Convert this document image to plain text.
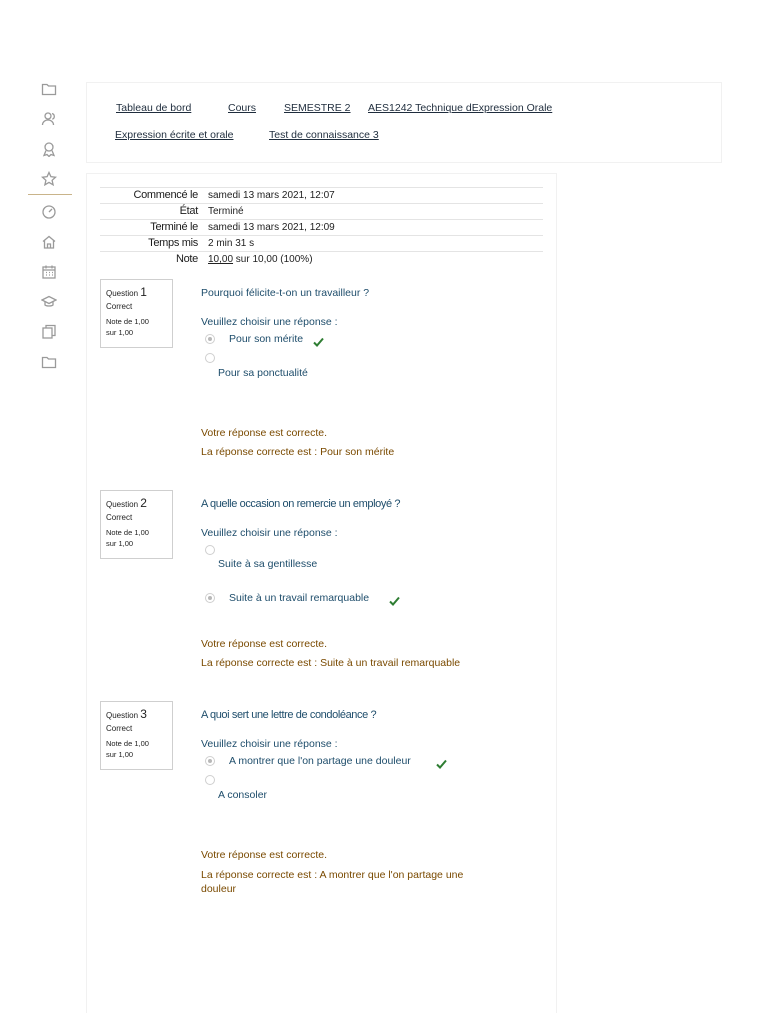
Tableau de bord	Cours	SEMESTRE 2 AES1242 Technique dExpression Orale
Expression écrite et orale	Test de connaissance 3
Commencé le samedi 13 mars 2021, 12:07
État Terminé
Terminé le samedi 13 mars 2021, 12:09
Temps mis 2 min 31 s
Note 10,00 sur 10,00 (100%)
Question 1
Correct
Note de 1,00
sur 1,00
Pourquoi félicite-t-on un travailleur ?
Veuillez choisir une réponse :
Pour son mérite
Pour sa ponctualité
Votre réponse est correcte.
La réponse correcte est : Pour son mérite
Question 2
Correct
Note de 1,00
sur 1,00
A quelle occasion on remercie un employé ?
Veuillez choisir une réponse :
Suite à sa gentillesse
Suite à un travail remarquable
Votre réponse est correcte.
La réponse correcte est : Suite à un travail remarquable
Question 3
Correct
Note de 1,00
sur 1,00
A quoi sert une lettre de condoléance ?
Veuillez choisir une réponse :
A montrer que l'on partage une douleur
A consoler
Votre réponse est correcte.
La réponse correcte est : A montrer que l'on partage une douleur
